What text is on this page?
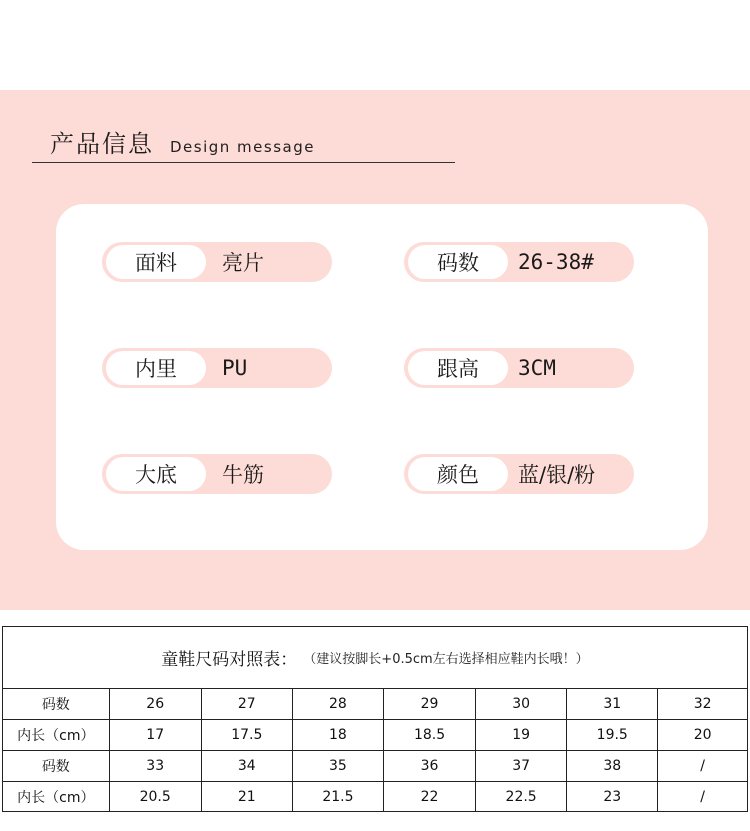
产品信息 Design message
面料	亮片	码数	26-38#
内里	PU	跟高	3CM
大底	牛筋	颜色	蓝/银/粉
童鞋尺码对照表： （建议按脚长+0.5cm左右选择相应鞋内长哦！）
码数	26	27	28	29	30	31	32
内长（cm）	17	17.5	18	18.5	19	19.5	20
码数	33	34	35	36	37	38	/
内长（cm）	20.5	21	21.5	22	22.5	23	/
